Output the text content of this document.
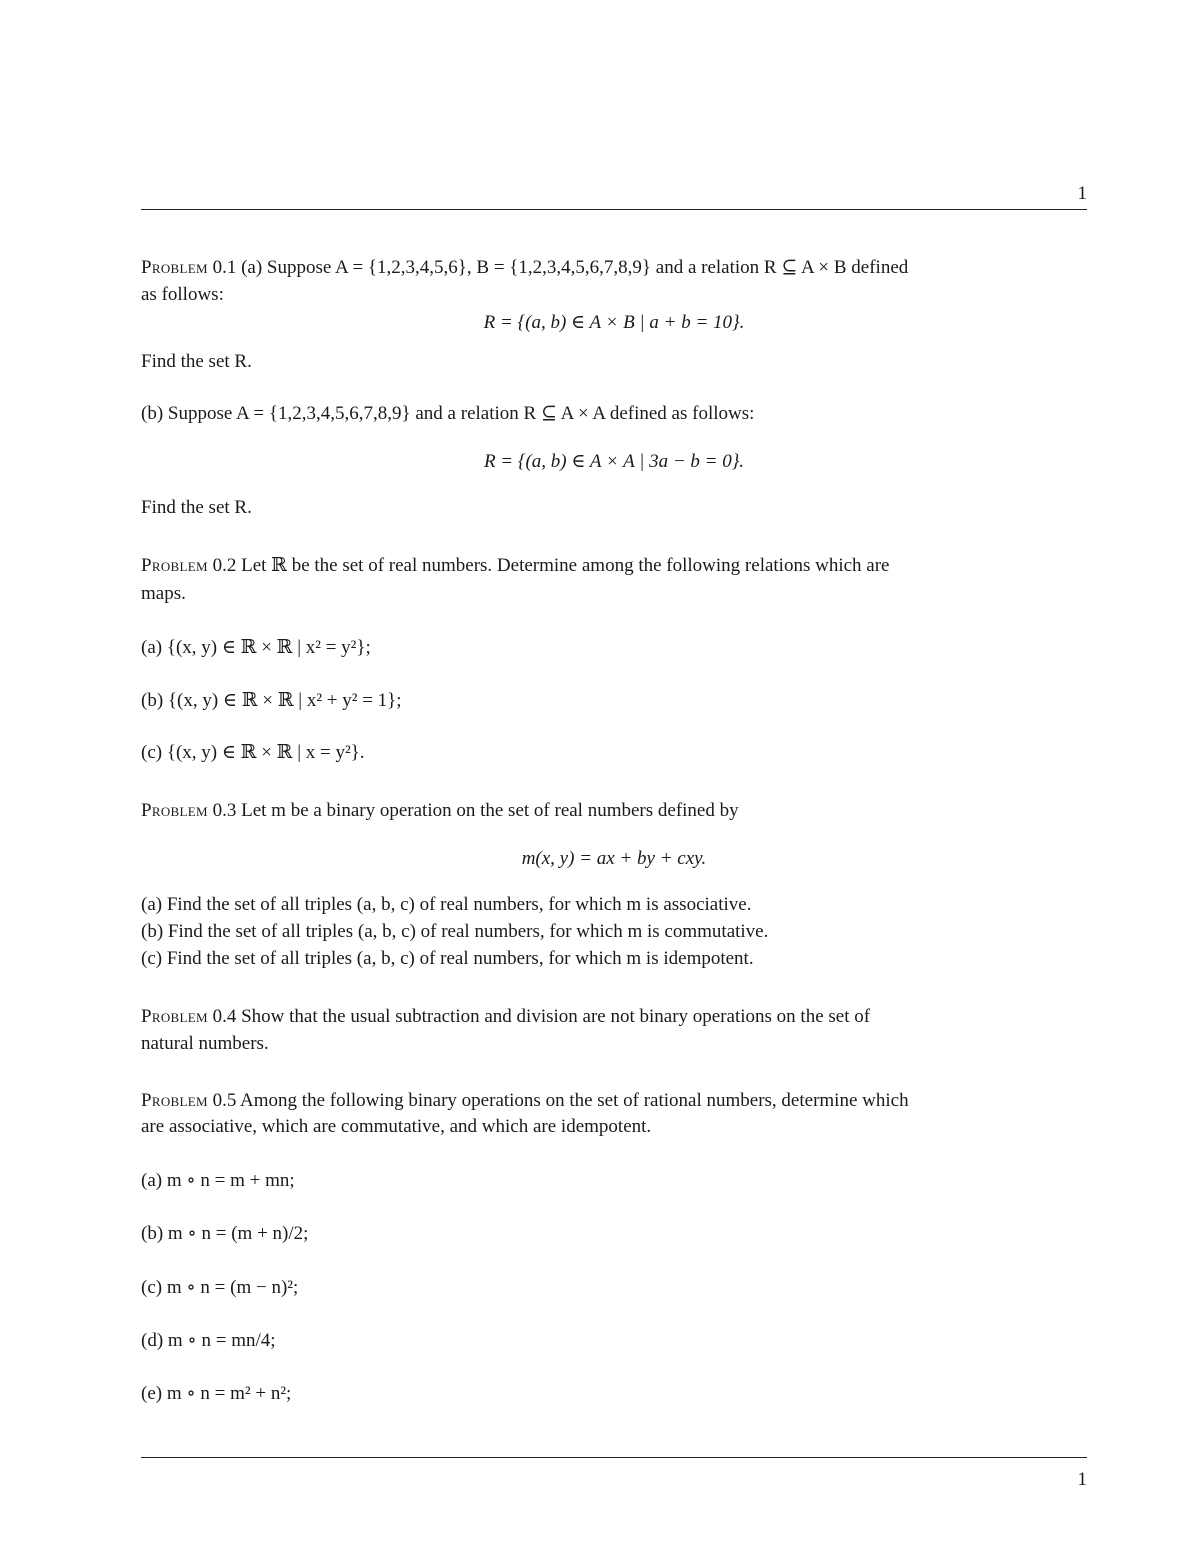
1
Problem 0.1 (a) Suppose A = {1,2,3,4,5,6}, B = {1,2,3,4,5,6,7,8,9} and a relation R ⊆ A × B defined
as follows:
R = {(a, b) ∈ A × B | a + b = 10}.
Find the set R.
(b) Suppose A = {1,2,3,4,5,6,7,8,9} and a relation R ⊆ A × A defined as follows:
R = {(a, b) ∈ A × A | 3a − b = 0}.
Find the set R.
Problem 0.2 Let ℝ be the set of real numbers. Determine among the following relations which are
maps.
(a) {(x, y) ∈ ℝ × ℝ | x² = y²};
(b) {(x, y) ∈ ℝ × ℝ | x² + y² = 1};
(c) {(x, y) ∈ ℝ × ℝ | x = y²}.
Problem 0.3 Let m be a binary operation on the set of real numbers defined by
m(x, y) = ax + by + cxy.
(a) Find the set of all triples (a, b, c) of real numbers, for which m is associative.
(b) Find the set of all triples (a, b, c) of real numbers, for which m is commutative.
(c) Find the set of all triples (a, b, c) of real numbers, for which m is idempotent.
Problem 0.4 Show that the usual subtraction and division are not binary operations on the set of
natural numbers.
Problem 0.5 Among the following binary operations on the set of rational numbers, determine which
are associative, which are commutative, and which are idempotent.
(a) m ∘ n = m + mn;
(b) m ∘ n = (m + n)/2;
(c) m ∘ n = (m − n)²;
(d) m ∘ n = mn/4;
(e) m ∘ n = m² + n²;
1
